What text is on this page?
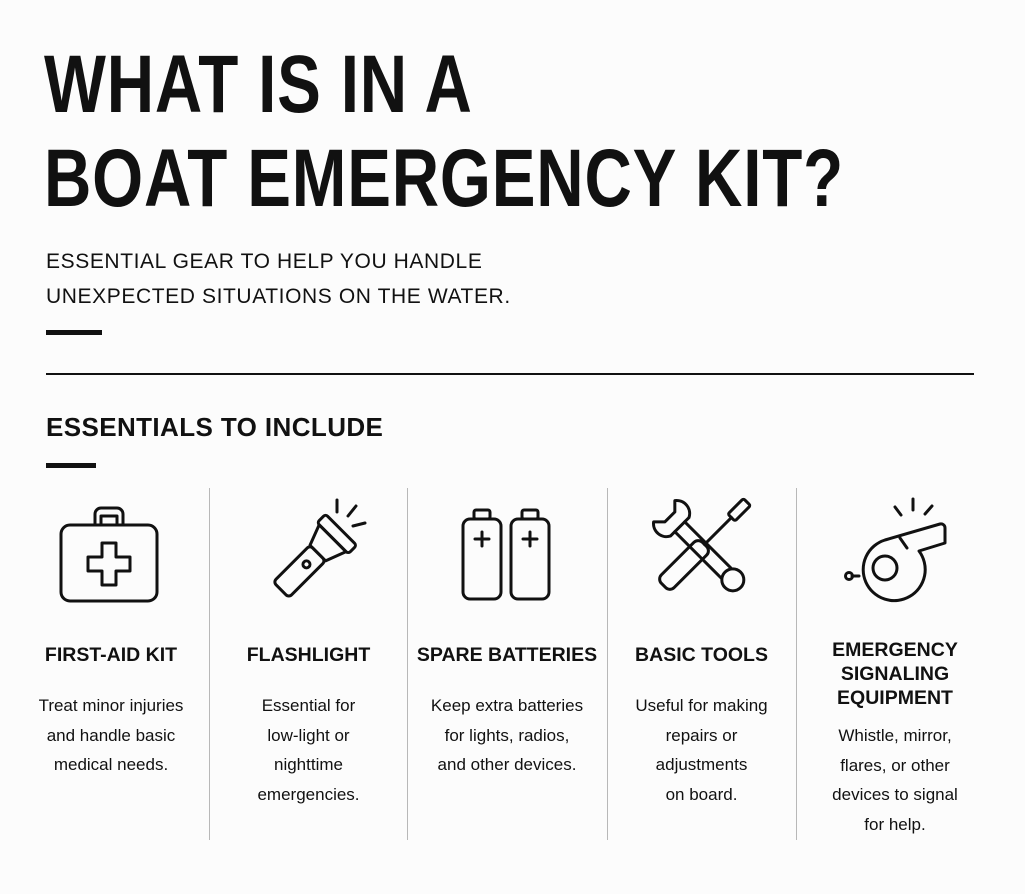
WHAT IS IN A
BOAT EMERGENCY KIT?

ESSENTIAL GEAR TO HELP YOU HANDLE
UNEXPECTED SITUATIONS ON THE WATER.

ESSENTIALS TO INCLUDE

FIRST-AID KIT

Treat minor injuries
and handle basic
medical needs.

FLASHLIGHT

Essential for
low-light or
nighttime
emergencies.

SPARE BATTERIES

Keep extra batteries
for lights, radios,
and other devices.

BASIC TOOLS

Useful for making
repairs or
adjustments
on board.

EMERGENCY
SIGNALING
EQUIPMENT

Whistle, mirror,
flares, or other
devices to signal
for help.
